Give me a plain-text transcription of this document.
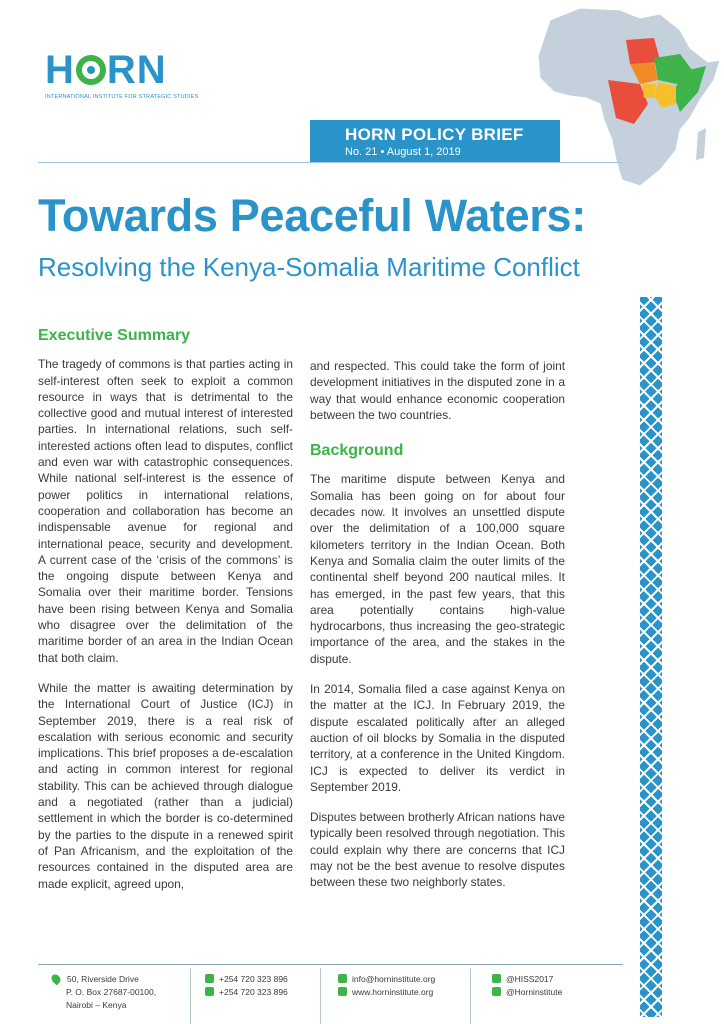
H RN
INTERNATIONAL INSTITUTE FOR STRATEGIC STUDIES
HORN POLICY BRIEF
No. 21 • August 1, 2019
Towards Peaceful Waters:
Resolving the Kenya-Somalia Maritime Conflict
Executive Summary

The tragedy of commons is that parties acting in self-interest often seek to exploit a common resource in ways that is detrimental to the collective good and mutual interest of interested parties. In international relations, such self-interested actions often lead to disputes, conflict and even war with catastrophic consequences. While national self-interest is the essence of power politics in international relations, cooperation and collaboration has become an indispensable avenue for regional and international peace, security and development. A current case of the ‘crisis of the commons’ is the ongoing dispute between Kenya and Somalia over their maritime border. Tensions have been rising between Kenya and Somalia who disagree over the delimitation of the maritime border of an area in the Indian Ocean that both claim.

While the matter is awaiting determination by the International Court of Justice (ICJ) in September 2019, there is a real risk of escalation with serious economic and security implications. This brief proposes a de-escalation and acting in common interest for regional stability. This can be achieved through dialogue and a negotiated (rather than a judicial) settlement in which the border is co-determined by the parties to the dispute in a renewed spirit of Pan Africanism, and the exploitation of the resources contained in the disputed area are made explicit, agreed upon,

and respected. This could take the form of joint development initiatives in the disputed zone in a way that would enhance economic cooperation between the two countries.

Background

The maritime dispute between Kenya and Somalia has been going on for about four decades now. It involves an unsettled dispute over the delimitation of a 100,000 square kilometers territory in the Indian Ocean. Both Kenya and Somalia claim the outer limits of the continental shelf beyond 200 nautical miles. It has emerged, in the past few years, that this area potentially contains high-value hydrocarbons, thus increasing the geo-strategic importance of the area, and the stakes in the dispute.

In 2014, Somalia filed a case against Kenya on the matter at the ICJ. In February 2019, the dispute escalated politically after an alleged auction of oil blocks by Somalia in the disputed territory, at a conference in the United Kingdom. ICJ is expected to deliver its verdict in September 2019.

Disputes between brotherly African nations have typically been resolved through negotiation. This could explain why there are concerns that ICJ may not be the best avenue to resolve disputes between these two neighborly states.

50, Riverside Drive
P. O. Box 27687-00100,
Nairobi – Kenya
+254 720 323 896
+254 720 323 896
info@horninstitute.org
www.horninstitute.org
@HISS2017
@Horninstitute
